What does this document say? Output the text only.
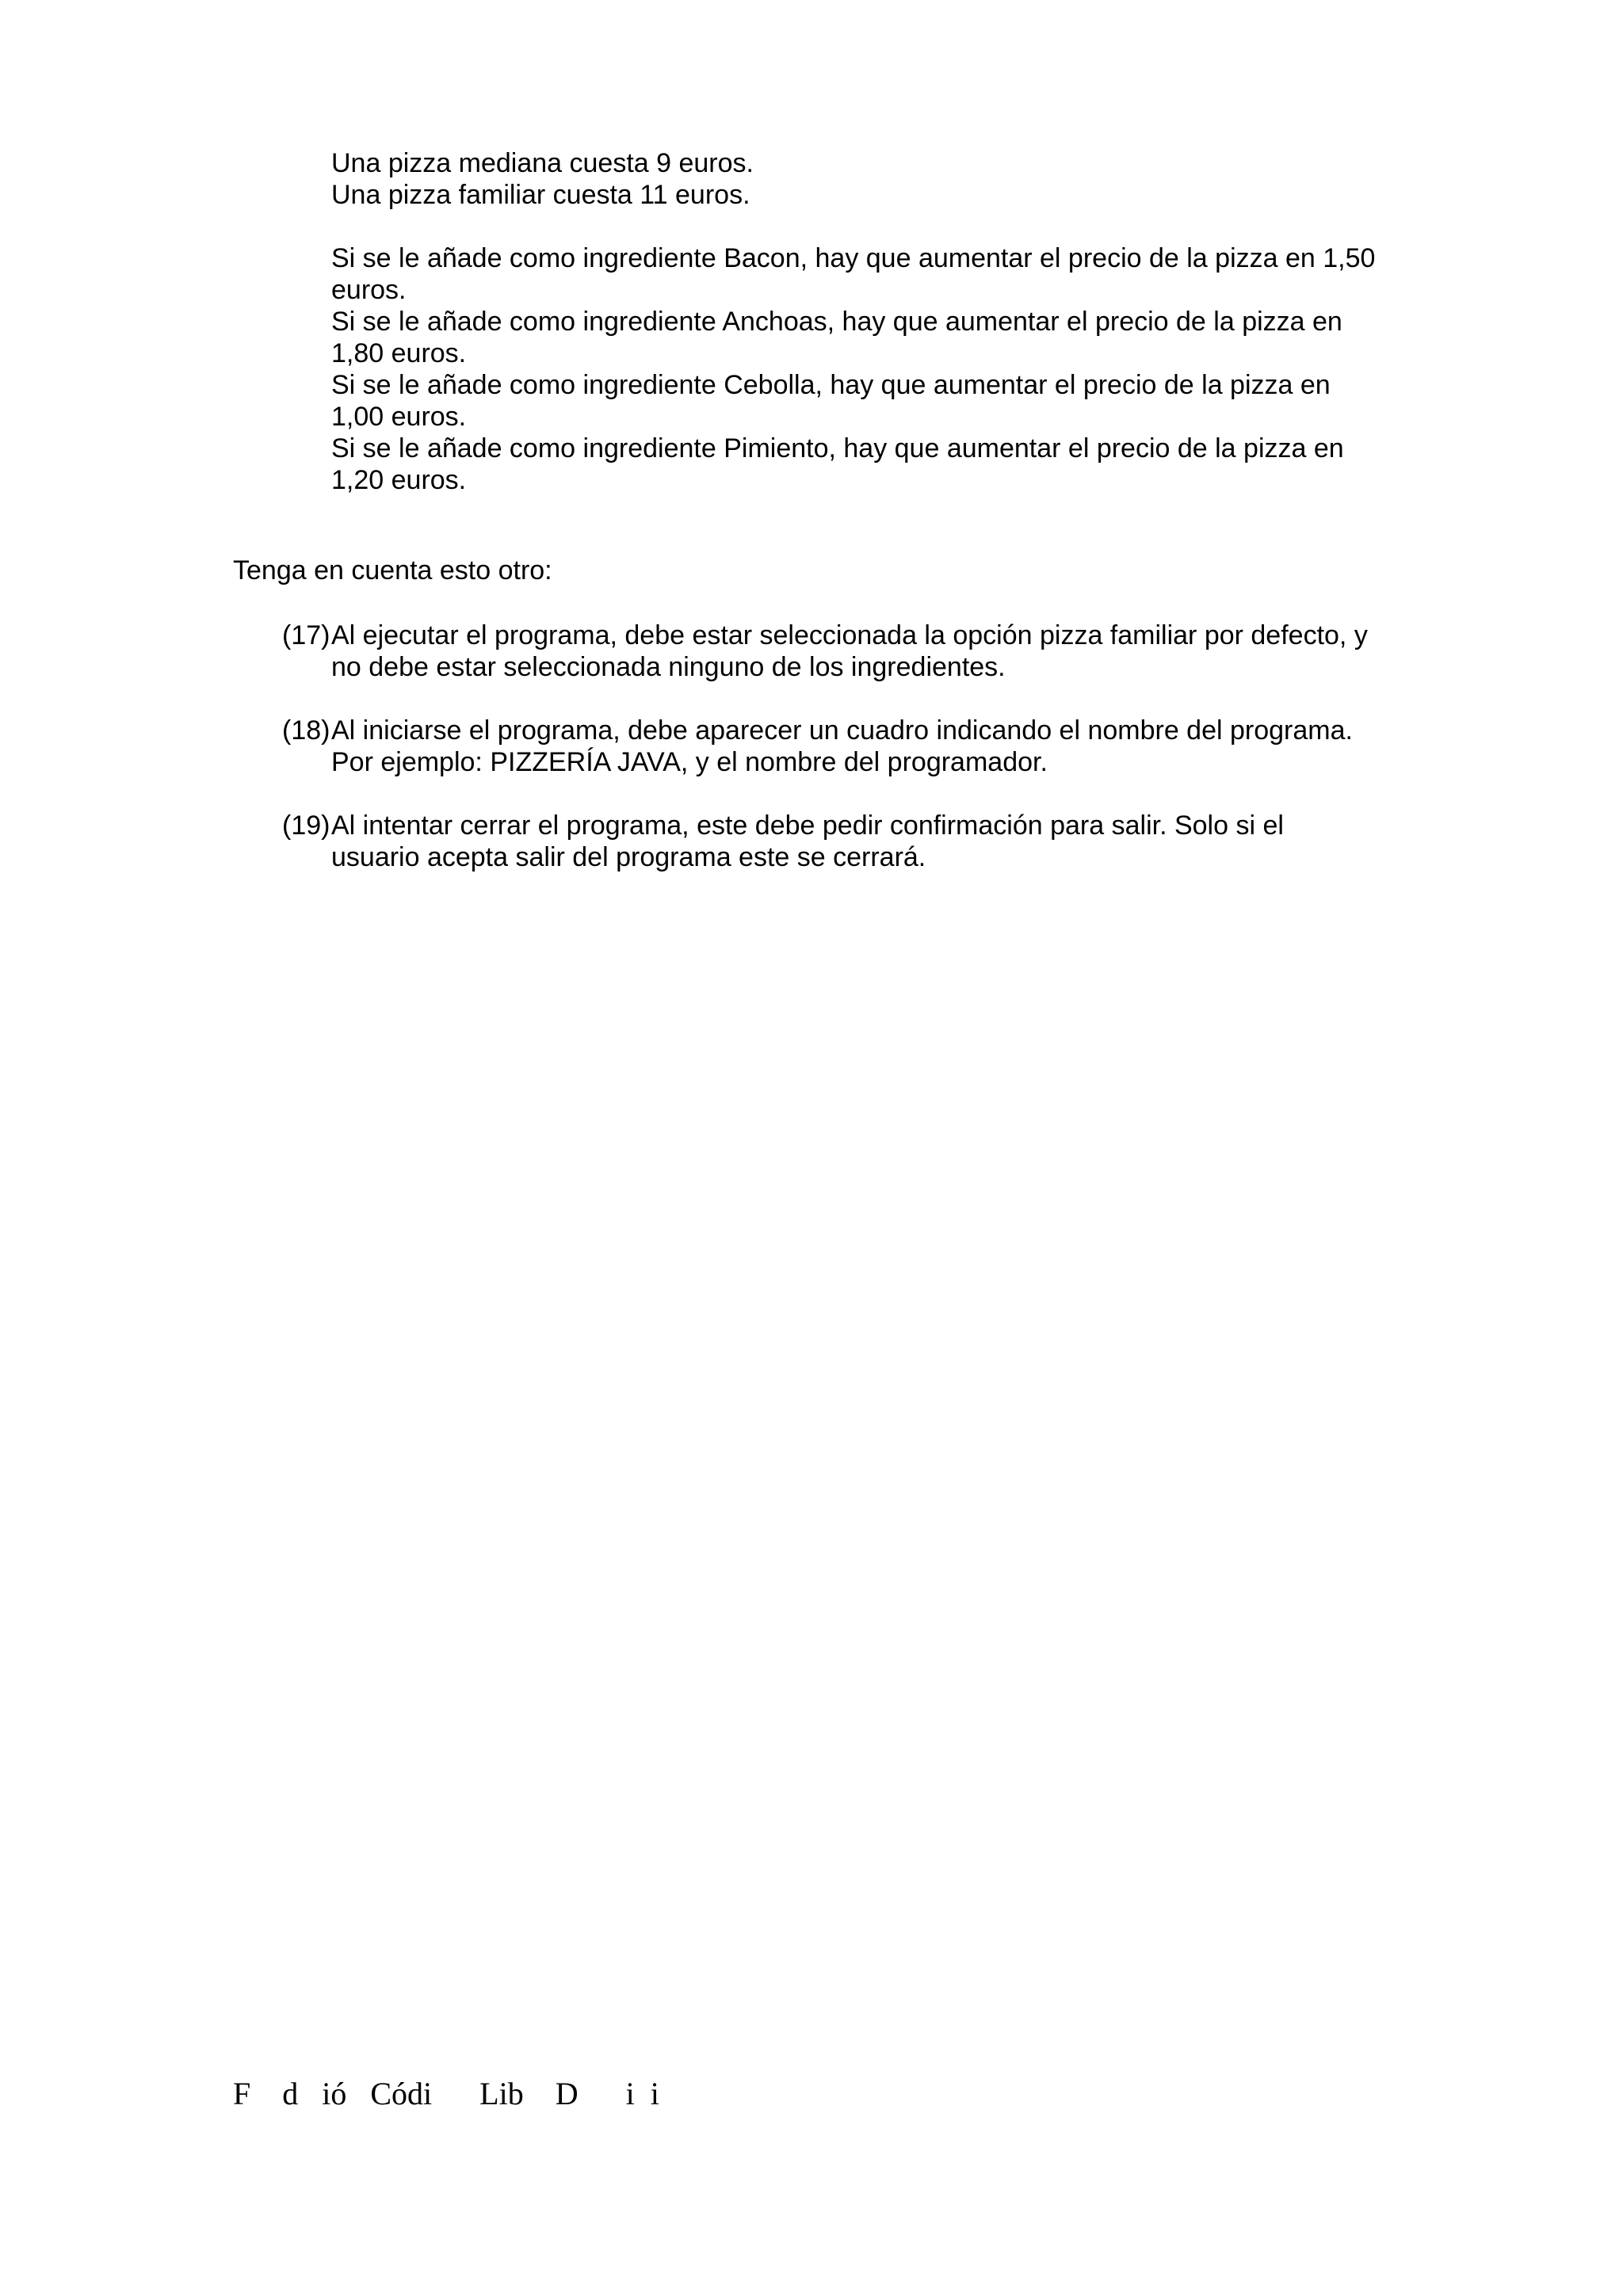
Una pizza mediana cuesta 9 euros.
Una pizza familiar cuesta 11 euros.
Si se le añade como ingrediente Bacon, hay que aumentar el precio de la pizza en 1,50
euros.
Si se le añade como ingrediente Anchoas, hay que aumentar el precio de la pizza en
1,80 euros.
Si se le añade como ingrediente Cebolla, hay que aumentar el precio de la pizza en
1,00 euros.
Si se le añade como ingrediente Pimiento, hay que aumentar el precio de la pizza en
1,20 euros.

Tenga en cuenta esto otro:

(17)Al ejecutar el programa, debe estar seleccionada la opción pizza familiar por defecto, y
no debe estar seleccionada ninguno de los ingredientes.
(18)Al iniciarse el programa, debe aparecer un cuadro indicando el nombre del programa.
Por ejemplo: PIZZERÍA JAVA, y el nombre del programador.
(19)Al intentar cerrar el programa, este debe pedir confirmación para salir. Solo si el
usuario acepta salir del programa este se cerrará.

F    d   ió   Códi      Lib    D      i  i
